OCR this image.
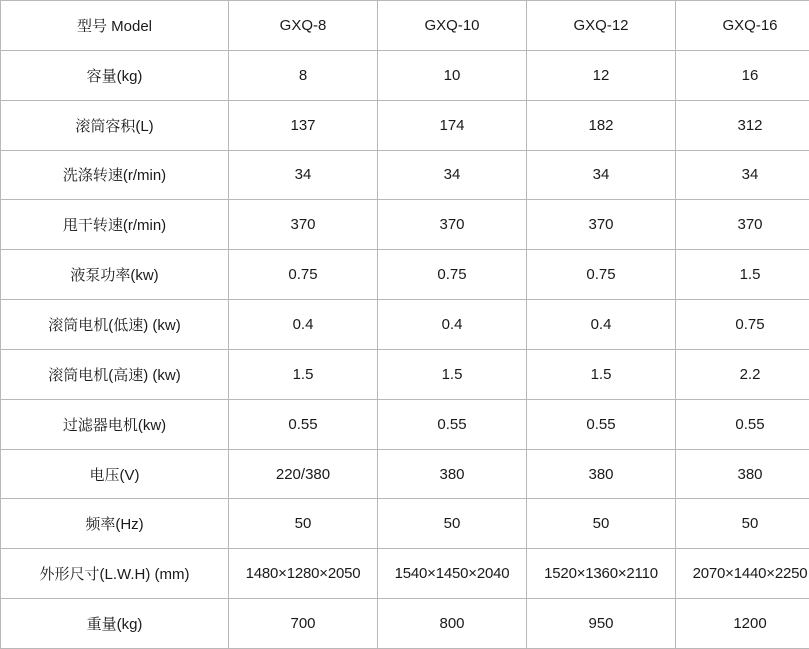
型号 Model	GXQ-8	GXQ-10	GXQ-12	GXQ-16
容量(kg)	8	10	12	16
滚筒容积(L)	137	174	182	312
洗涤转速(r/min)	34	34	34	34
甩干转速(r/min)	370	370	370	370
液泵功率(kw)	0.75	0.75	0.75	1.5
滚筒电机(低速) (kw)	0.4	0.4	0.4	0.75
滚筒电机(高速) (kw)	1.5	1.5	1.5	2.2
过滤器电机(kw)	0.55	0.55	0.55	0.55
电压(V)	220/380	380	380	380
频率(Hz)	50	50	50	50
外形尺寸(L.W.H) (mm)	1480×1280×2050	1540×1450×2040	1520×1360×2110	2070×1440×2250
重量(kg)	700	800	950	1200
